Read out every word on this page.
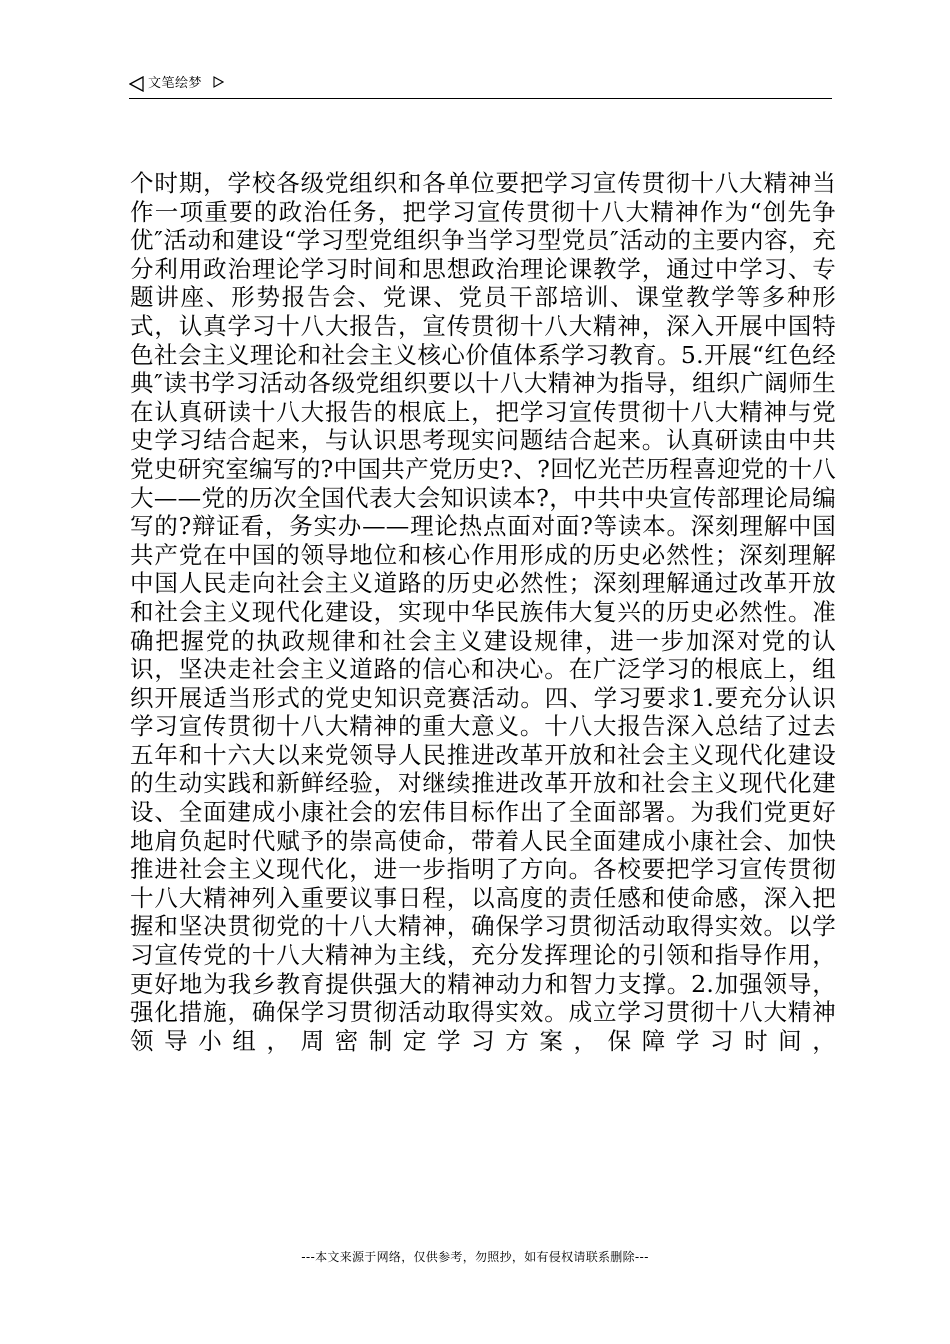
文笔绘梦
个时期，学校各级党组织和各单位要把学习宣传贯彻十八大精神当作一项重要的政治任务，把学习宣传贯彻十八大精神作为“创先争优″活动和建设“学习型党组织争当学习型党员″活动的主要内容，充分利用政治理论学习时间和思想政治理论课教学，通过中学习、专题讲座、形势报告会、党课、党员干部培训、课堂教学等多种形式，认真学习十八大报告，宣传贯彻十八大精神，深入开展中国特色社会主义理论和社会主义核心价值体系学习教育。5.开展“红色经典″读书学习活动各级党组织要以十八大精神为指导，组织广阔师生在认真研读十八大报告的根底上，把学习宣传贯彻十八大精神与党史学习结合起来，与认识思考现实问题结合起来。认真研读由中共党史研究室编写的?中国共产党历史?、?回忆光芒历程喜迎党的十八大——党的历次全国代表大会知识读本?，中共中央宣传部理论局编写的?辩证看，务实办——理论热点面对面?等读本。深刻理解中国共产党在中国的领导地位和核心作用形成的历史必然性；深刻理解中国人民走向社会主义道路的历史必然性；深刻理解通过改革开放和社会主义现代化建设，实现中华民族伟大复兴的历史必然性。准确把握党的执政规律和社会主义建设规律，进一步加深对党的认识，坚决走社会主义道路的信心和决心。在广泛学习的根底上，组织开展适当形式的党史知识竞赛活动。四、学习要求1.要充分认识学习宣传贯彻十八大精神的重大意义。十八大报告深入总结了过去五年和十六大以来党领导人民推进改革开放和社会主义现代化建设的生动实践和新鲜经验，对继续推进改革开放和社会主义现代化建设、全面建成小康社会的宏伟目标作出了全面部署。为我们党更好地肩负起时代赋予的崇高使命，带着人民全面建成小康社会、加快推进社会主义现代化，进一步指明了方向。各校要把学习宣传贯彻十八大精神列入重要议事日程，以高度的责任感和使命感，深入把握和坚决贯彻党的十八大精神，确保学习贯彻活动取得实效。以学习宣传党的十八大精神为主线，充分发挥理论的引领和指导作用，更好地为我乡教育提供强大的精神动力和智力支撑。2.加强领导，强化措施，确保学习贯彻活动取得实效。成立学习贯彻十八大精神领导小组，周密制定学习方案，保障学习时间，
---本文来源于网络，仅供参考，勿照抄，如有侵权请联系删除---
